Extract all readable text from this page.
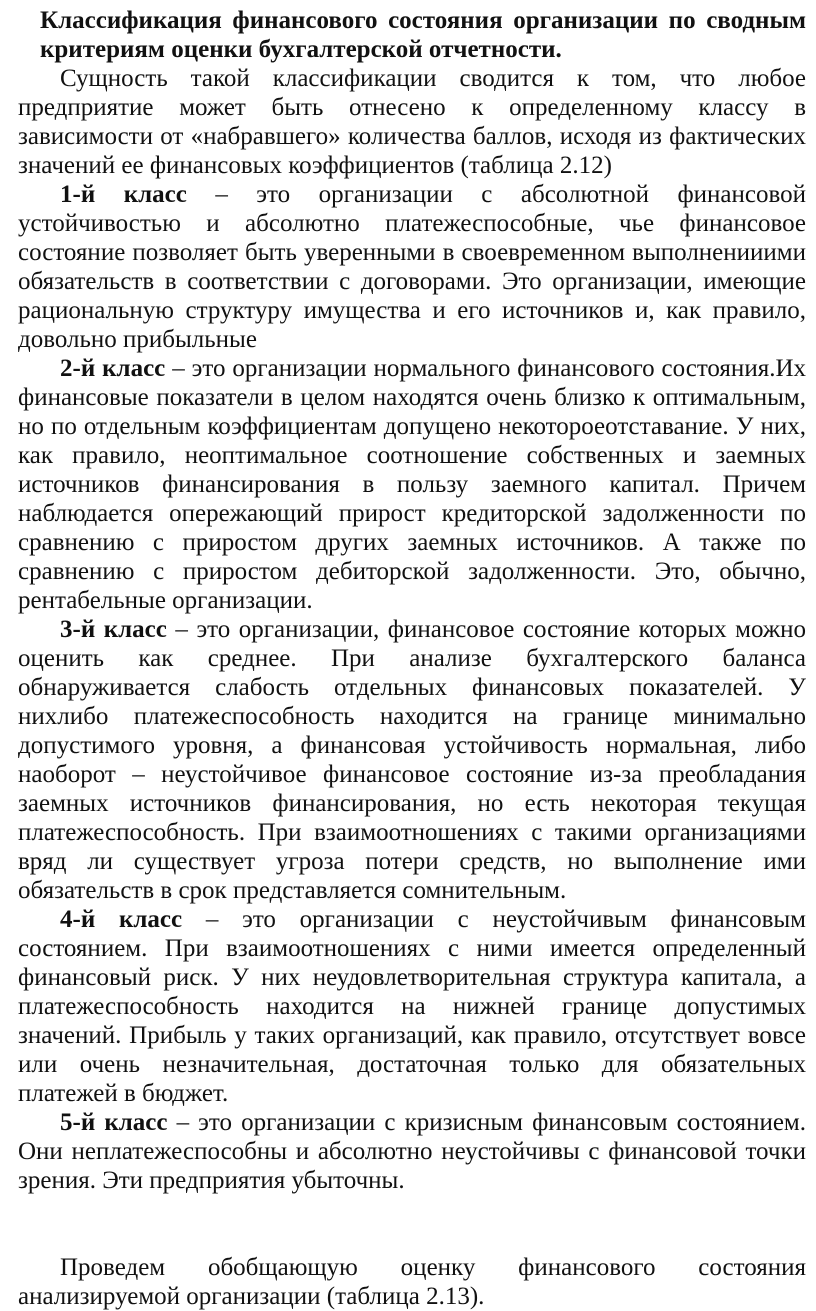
Классификация финансового состояния организации по сводным критериям оценки бухгалтерской отчетности.

Сущность такой классификации сводится к том, что любое предприятие может быть отнесено к определенному классу в зависимости от «набравшего» количества баллов, исходя из фактических значений ее финансовых коэффициентов (таблица 2.12)

1-й класс – это организации с абсолютной финансовой устойчивостью и абсолютно платежеспособные, чье финансовое состояние позволяет быть уверенными в своевременном выполненииими обязательств в соответствии с договорами. Это организации, имеющие рациональную структуру имущества и его источников и, как правило, довольно прибыльные

2-й класс – это организации нормального финансового состояния.Их финансовые показатели в целом находятся очень близко к оптимальным, но по отдельным коэффициентам допущено некотороеотставание. У них, как правило, неоптимальное соотношение собственных и заемных источников финансирования в пользу заемного капитал. Причем наблюдается опережающий прирост кредиторской задолженности по сравнению с приростом других заемных источников. А также по сравнению с приростом дебиторской задолженности. Это, обычно, рентабельные организации.

3-й класс – это организации, финансовое состояние которых можно оценить как среднее. При анализе бухгалтерского баланса обнаруживается слабость отдельных финансовых показателей. У нихлибо платежеспособность находится на границе минимально допустимого уровня, а финансовая устойчивость нормальная, либо наоборот – неустойчивое финансовое состояние из-за преобладания заемных источников финансирования, но есть некоторая текущая платежеспособность. При взаимоотношениях с такими организациями вряд ли существует угроза потери средств, но выполнение ими обязательств в срок представляется сомнительным.

4-й класс – это организации с неустойчивым финансовым состоянием. При взаимоотношениях с ними имеется определенный финансовый риск. У них неудовлетворительная структура капитала, а платежеспособность находится на нижней границе допустимых значений. Прибыль у таких организаций, как правило, отсутствует вовсе или очень незначительная, достаточная только для обязательных платежей в бюджет.

5-й класс – это организации с кризисным финансовым состоянием. Они неплатежеспособны и абсолютно неустойчивы с финансовой точки зрения. Эти предприятия убыточны.

Проведем обобщающую оценку финансового состояния анализируемой организации (таблица 2.13).
